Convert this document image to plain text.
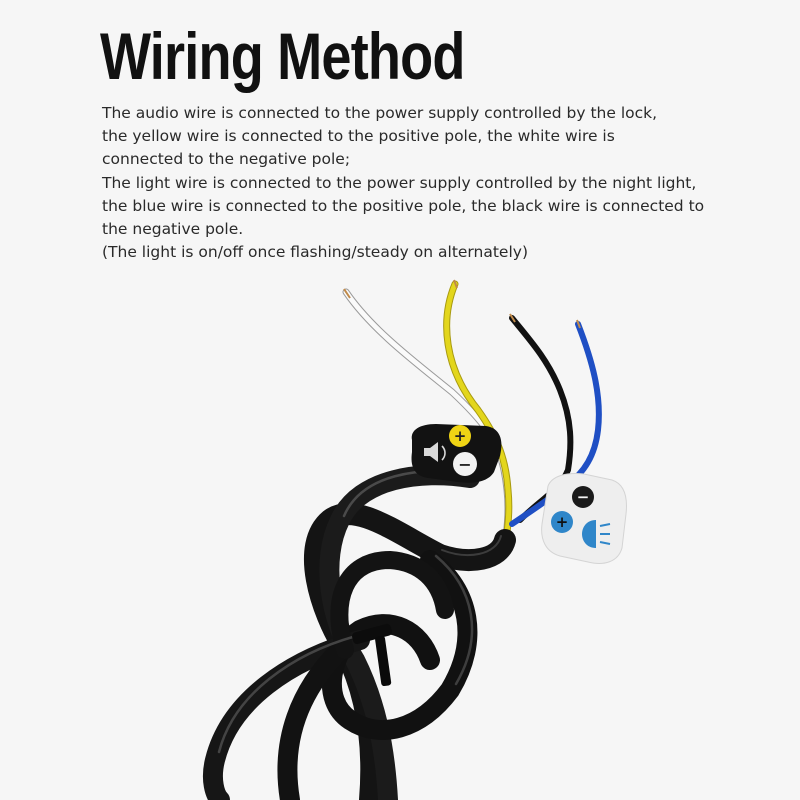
Wiring Method

The audio wire is connected to the power supply controlled by the lock,

the yellow wire is connected to the positive pole, the white wire is

connected to the negative pole;

The light wire is connected to the power supply controlled by the night light,

the blue wire is connected to the positive pole, the black wire is connected to

the negative pole.

(The light is on/off once flashing/steady on alternately)

+
−
−
+
